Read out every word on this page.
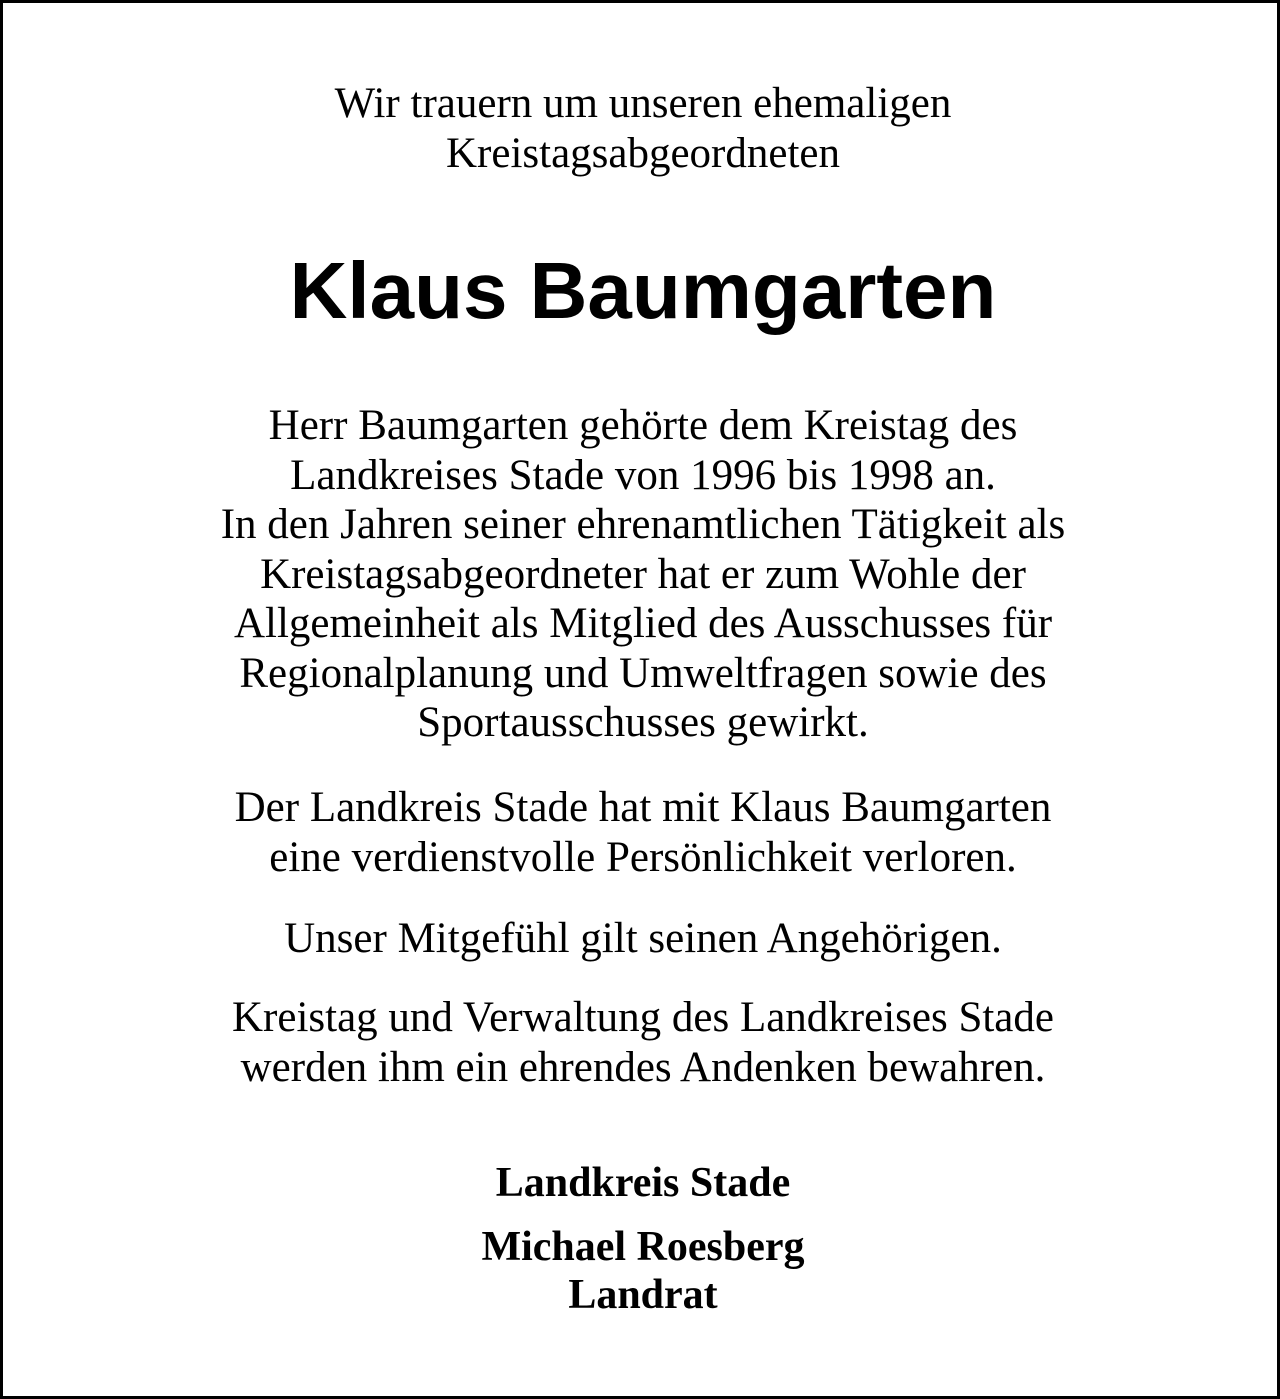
Wir trauern um unseren ehemaligen
Kreistagsabgeordneten
Klaus Baumgarten
Herr Baumgarten gehörte dem Kreistag des
Landkreises Stade von 1996 bis 1998 an.
In den Jahren seiner ehrenamtlichen Tätigkeit als
Kreistagsabgeordneter hat er zum Wohle der
Allgemeinheit als Mitglied des Ausschusses für
Regionalplanung und Umweltfragen sowie des
Sportausschusses gewirkt.
Der Landkreis Stade hat mit Klaus Baumgarten
eine verdienstvolle Persönlichkeit verloren.
Unser Mitgefühl gilt seinen Angehörigen.
Kreistag und Verwaltung des Landkreises Stade
werden ihm ein ehrendes Andenken bewahren.
Landkreis Stade
Michael Roesberg
Landrat
